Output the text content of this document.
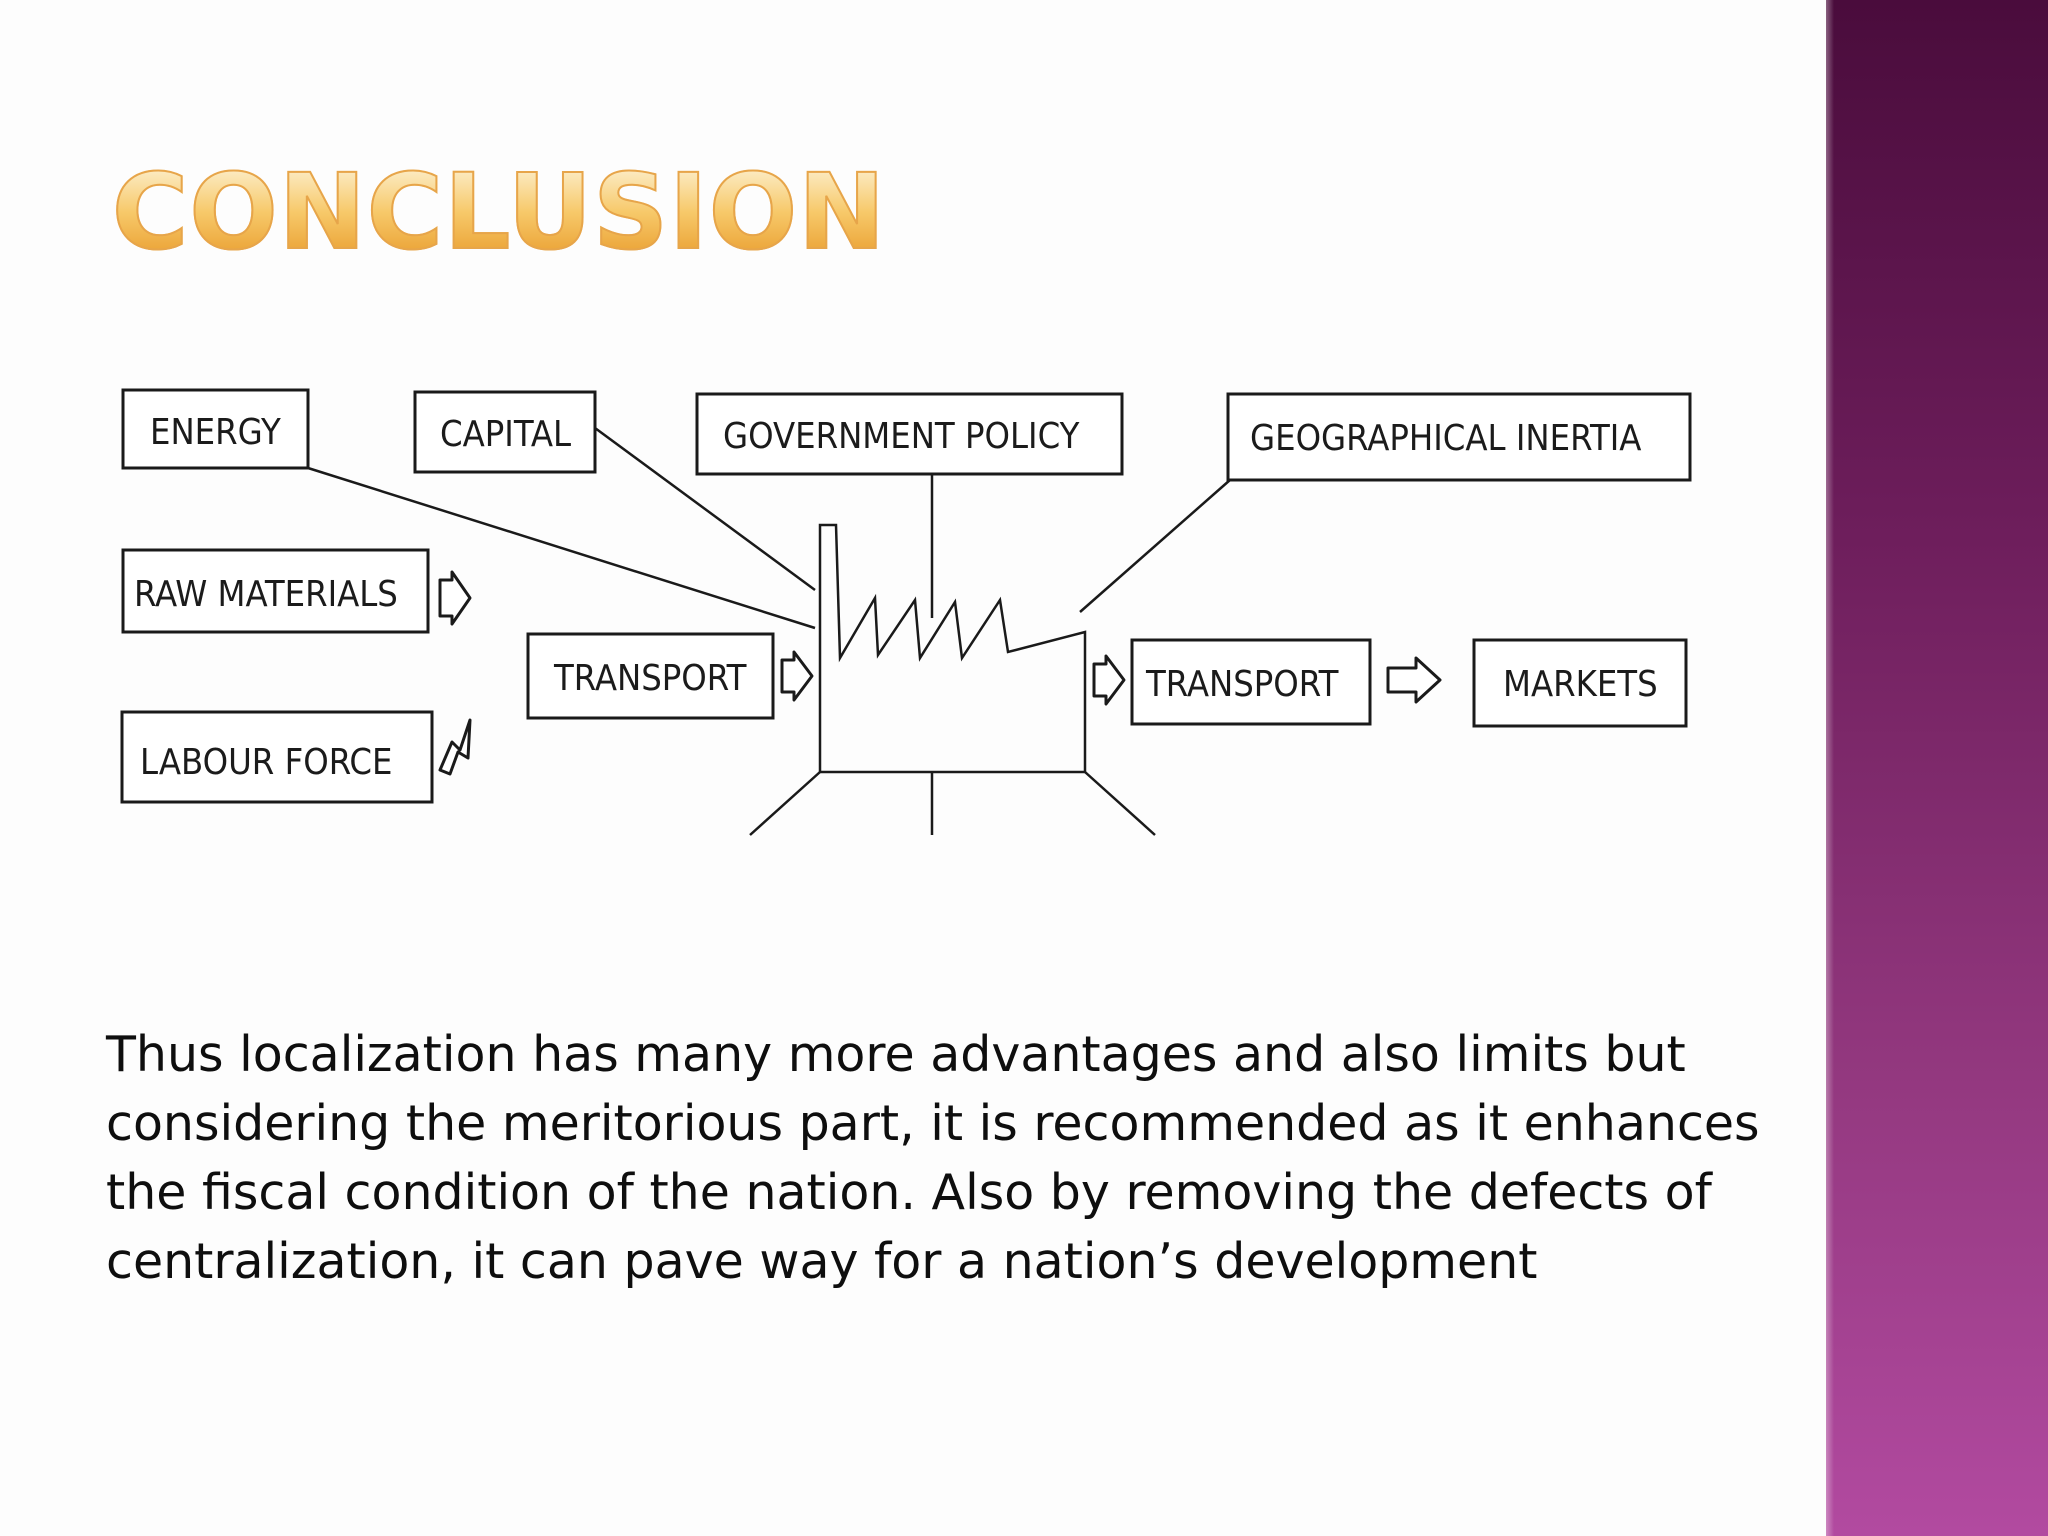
CONCLUSION
ENERGY	CAPITAL	GOVERNMENT POLICY	GEOGRAPHICAL INERTIA
RAW MATERIALS
LABOUR FORCE
TRANSPORT	TRANSPORT	MARKETS

Thus localization has many more advantages and also limits but considering the meritorious part, it is recommended as it enhances the fiscal condition of the nation. Also by removing the defects of centralization, it can pave way for a nation’s development
